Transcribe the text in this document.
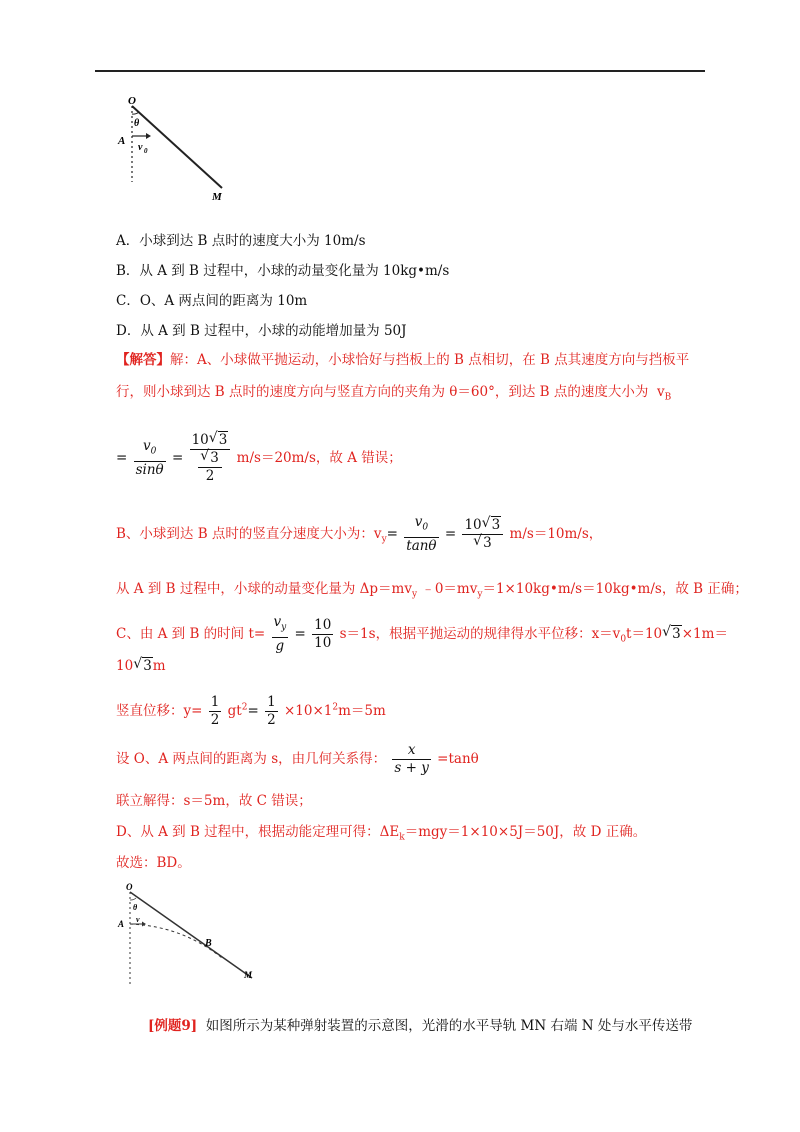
O
θ
A
v 0
M
A．小球到达 B 点时的速度大小为 10m/s
B．从 A 到 B 过程中，小球的动量变化量为 10kg•m/s
C．O、A 两点间的距离为 10m
D．从 A 到 B 过程中，小球的动能增加量为 50J
【解答】解：A、小球做平抛运动，小球恰好与挡板上的 B 点相切，在 B 点其速度方向与挡板平
行，则小球到达 B 点时的速度方向与竖直方向的夹角为 θ＝60°，到达 B 点的速度大小为 $v_B$
= $\frac{v_0}{\sin\theta} = 10√$ 3
√ $\frac{3}{2} m/s=20m/s$，故 A 错误；
B、小球到达 B 点时的竖直分速度大小为：$v_y= \frac{v_0}{\tan\theta} = 10√$ 3
√ 3 m/s＝10m/s，
从 A 到 B 过程中，小球的动量变化量为 $\Delta p=mv_y$ $﹣0=mv_y=1\times 10kg•m/s=10kg•m/s$，故 B 正确；
C、由 A 到 B 的时间 $t= \frac{v_y}{g} = \frac{10}{10} s=1s$，根据平抛运动的规律得水平位移：$x=v_0t=10√$ 3×1m＝
10√ 3m
竖直位移：$y= \frac{1}{2} gt^2= \frac{1}{2} \times 10\times 1^2m=5m$
设 O、A 两点间的距离为 s，由几何关系得： $\frac{x}{s + y} =\tan\theta$
联立解得：s＝5m，故 C 错误；
D、从 A 到 B 过程中，根据动能定理可得：$\Delta E_k=mgy=1\times 10\times 5J=50J$，故 D 正确。
故选：BD。
O
θ
A v
B
M
[例题9] 如图所示为某种弹射装置的示意图，光滑的水平导轨 MN 右端 N 处与水平传送带
